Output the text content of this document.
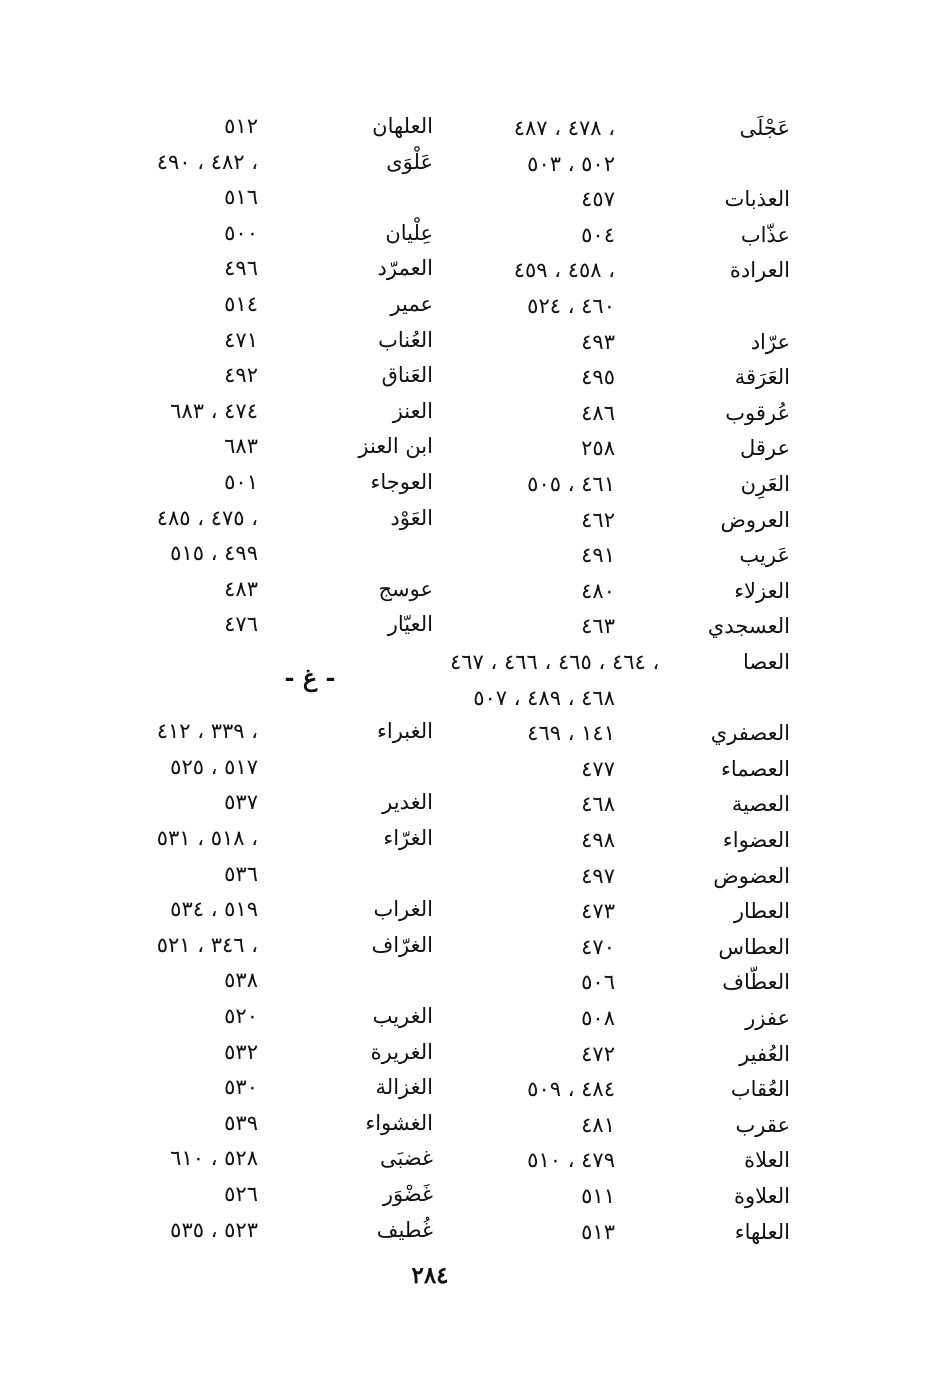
عَجْلَى
٤٧٨ ، ٤٨٧ ،
٥٠٢ ، ٥٠٣
العذبات
٤٥٧
عذّاب
٥٠٤
العرادة
٤٥٨ ، ٤٥٩ ،
٤٦٠ ، ٥٢٤
عرّاد
٤٩٣
العَرَقة
٤٩٥
عُرقوب
٤٨٦
عرقل
٢٥٨
العَرِن
٤٦١ ، ٥٠٥
العروض
٤٦٢
عَريب
٤٩١
العزلاء
٤٨٠
العسجدي
٤٦٣
العصا
٤٦٤ ، ٤٦٥ ، ٤٦٦ ، ٤٦٧ ،
٤٦٨ ، ٤٨٩ ، ٥٠٧
العصفري
١٤١ ، ٤٦٩
العصماء
٤٧٧
العصية
٤٦٨
العضواء
٤٩٨
العضوض
٤٩٧
العطار
٤٧٣
العطاس
٤٧٠
العطّاف
٥٠٦
عفزر
٥٠٨
العُفير
٤٧٢
العُقاب
٤٨٤ ، ٥٠٩
عقرب
٤٨١
العلاة
٤٧٩ ، ٥١٠
العلاوة
٥١١
العلهاء
٥١٣
العلهان
٥١٢
عَلْوَى
٤٨٢ ، ٤٩٠ ،
٥١٦
عِلْيان
٥٠٠
العمرّد
٤٩٦
عمير
٥١٤
العُناب
٤٧١
العَناق
٤٩٢
العنز
٤٧٤ ، ٦٨٣
ابن العنز
٦٨٣
العوجاء
٥٠١
العَوْد
٤٧٥ ، ٤٨٥ ،
٤٩٩ ، ٥١٥
عوسج
٤٨٣
العيّار
٤٧٦
الغبراء
٣٣٩ ، ٤١٢ ،
٥١٧ ، ٥٢٥
الغدير
٥٣٧
الغرّاء
٥١٨ ، ٥٣١ ،
٥٣٦
الغراب
٥١٩ ، ٥٣٤
الغرّاف
٣٤٦ ، ٥٢١ ،
٥٣٨
الغريب
٥٢٠
الغريرة
٥٣٢
الغزالة
٥٣٠
الغشواء
٥٣٩
غضبَى
٥٢٨ ، ٦١٠
غَضْوَر
٥٢٦
غُطيف
٥٢٣ ، ٥٣٥
- غ -
٢٨٤
